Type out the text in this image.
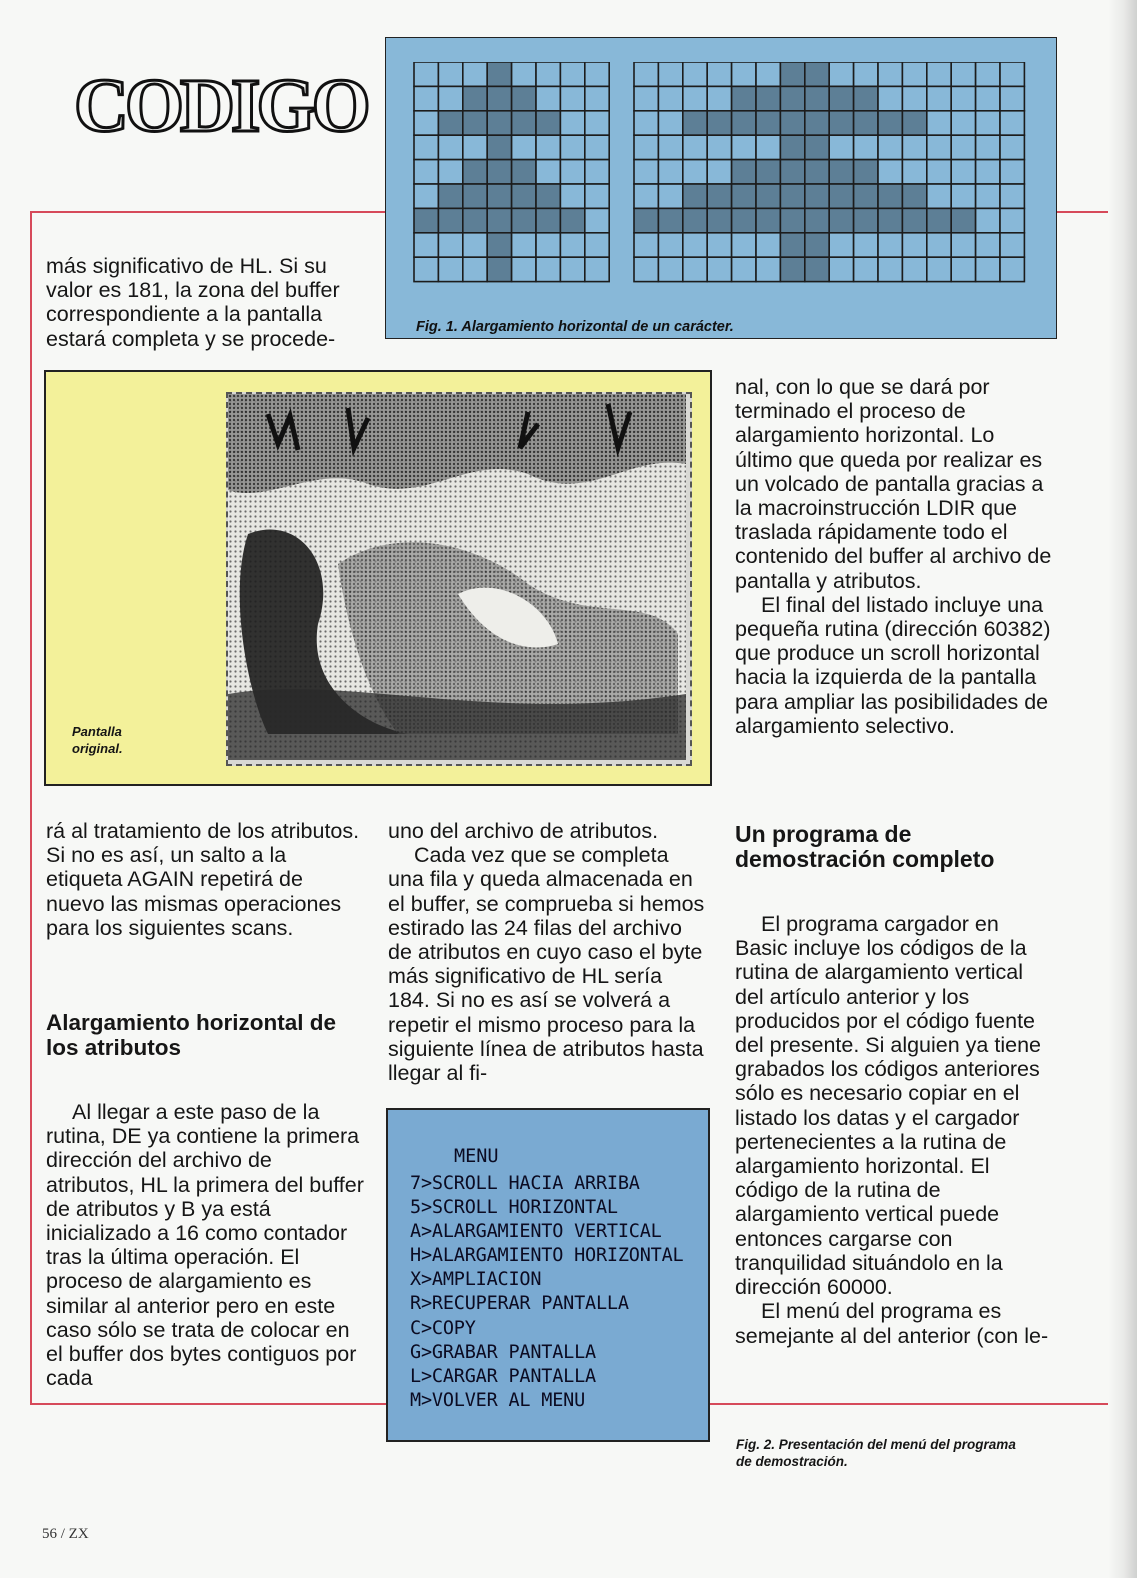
CODIGO
Fig. 1. Alargamiento horizontal de un carácter.

más significativo de HL. Si su valor es 181, la zona del buffer correspondiente a la pantalla estará completa y se procede-

Pantalla
original.

rá al tratamiento de los atributos. Si no es así, un salto a la etiqueta AGAIN repetirá de nuevo las mismas operaciones para los siguientes scans.

Alargamiento horizontal de los atributos

Al llegar a este paso de la rutina, DE ya contiene la primera dirección del archivo de atributos, HL la primera del buffer de atributos y B ya está inicializado a 16 como contador tras la última operación. El proceso de alargamiento es similar al anterior pero en este caso sólo se trata de colocar en el buffer dos bytes contiguos por cada

uno del archivo de atributos.

Cada vez que se completa una fila y queda almacenada en el buffer, se comprueba si hemos estirado las 24 filas del archivo de atributos en cuyo caso el byte más significativo de HL sería 184. Si no es así se volverá a repetir el mismo proceso para la siguiente línea de atributos hasta llegar al fi-

MENU
7>SCROLL HACIA ARRIBA
5>SCROLL HORIZONTAL
A>ALARGAMIENTO VERTICAL
H>ALARGAMIENTO HORIZONTAL
X>AMPLIACION
R>RECUPERAR PANTALLA
C>COPY
G>GRABAR PANTALLA
L>CARGAR PANTALLA
M>VOLVER AL MENU

nal, con lo que se dará por terminado el proceso de alargamiento horizontal. Lo último que queda por realizar es un volcado de pantalla gracias a la macroinstrucción LDIR que traslada rápidamente todo el contenido del buffer al archivo de pantalla y atributos.

El final del listado incluye una pequeña rutina (dirección 60382) que produce un scroll horizontal hacia la izquierda de la pantalla para ampliar las posibilidades de alargamiento selectivo.

Un programa de demostración completo

El programa cargador en Basic incluye los códigos de la rutina de alargamiento vertical del artículo anterior y los producidos por el código fuente del presente. Si alguien ya tiene grabados los códigos anteriores sólo es necesario copiar en el listado los datas y el cargador pertenecientes a la rutina de alargamiento horizontal. El código de la rutina de alargamiento vertical puede entonces cargarse con tranquilidad situándolo en la dirección 60000.

El menú del programa es semejante al del anterior (con le-

Fig. 2. Presentación del menú del programa de demostración.
56 / ZX
